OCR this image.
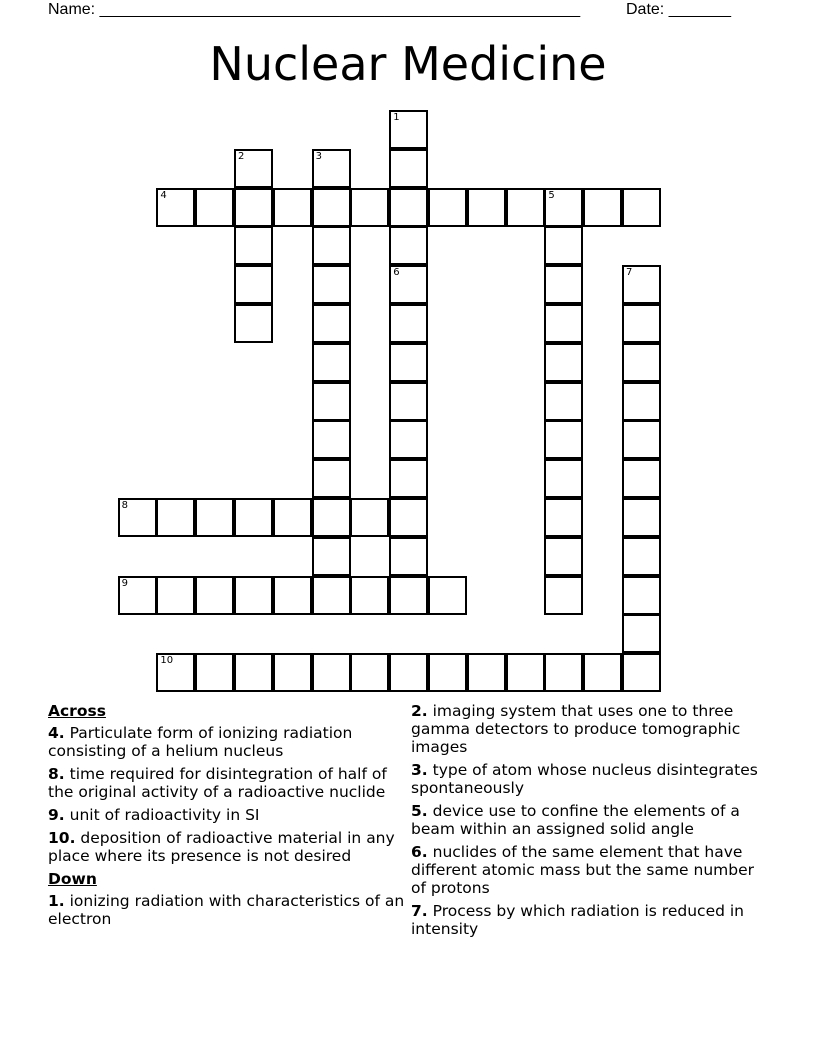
Name: ______________________________________________________	Date: _______
Nuclear Medicine
1
6
2	3
4	5
7
8
9
10
Across
4. Particulate form of ionizing radiation consisting of a helium nucleus
8. time required for disintegration of half of the original activity of a radioactive nuclide
9. unit of radioactivity in SI
10. deposition of radioactive material in any place where its presence is not desired
Down
1. ionizing radiation with characteristics of an electron
2. imaging system that uses one to three gamma detectors to produce tomographic images
3. type of atom whose nucleus disintegrates spontaneously
5. device use to confine the elements of a beam within an assigned solid angle
6. nuclides of the same element that have different atomic mass but the same number of protons
7. Process by which radiation is reduced in intensity
